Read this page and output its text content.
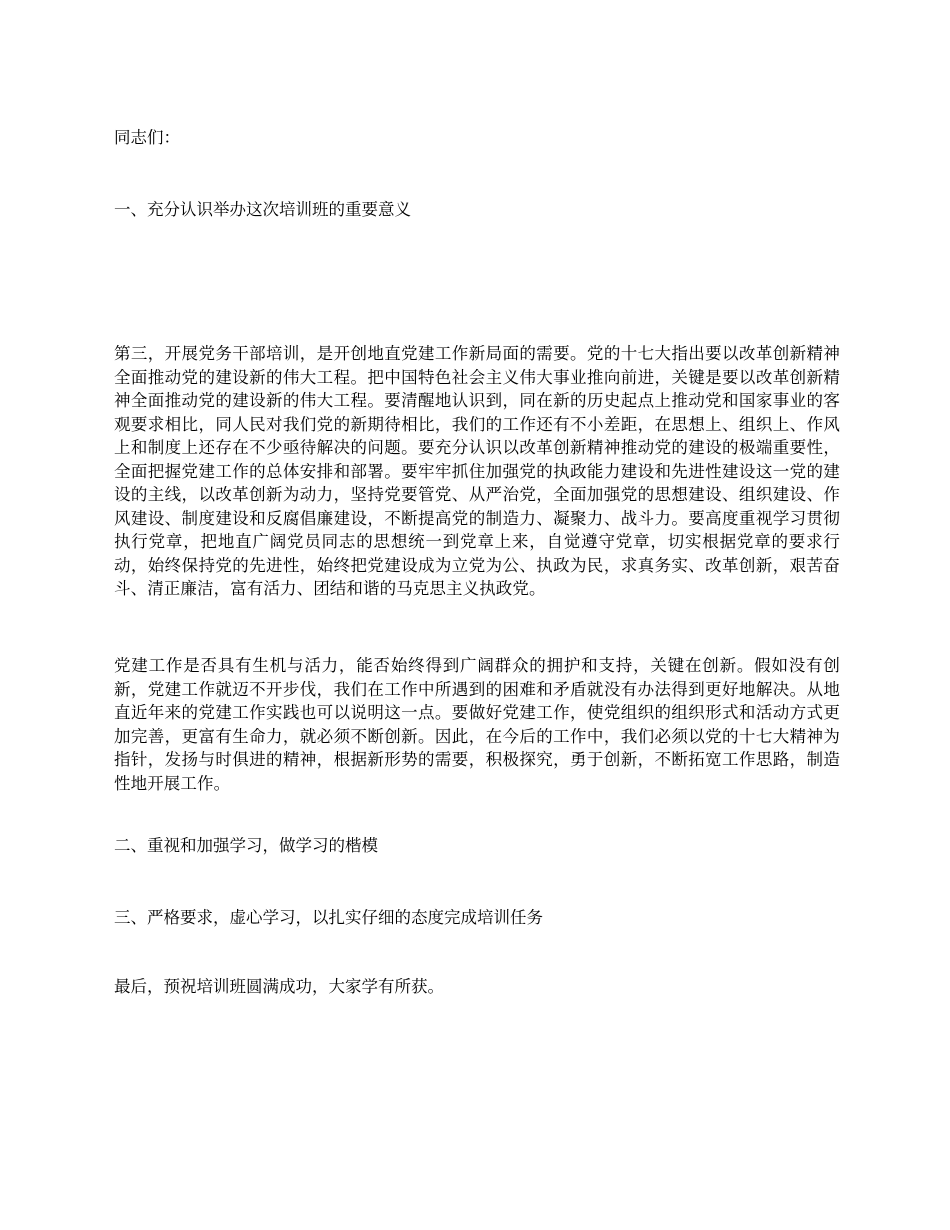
同志们：
一、充分认识举办这次培训班的重要意义
第三，开展党务干部培训，是开创地直党建工作新局面的需要。党的十七大指出要以改革创新精神全面推动党的建设新的伟大工程。把中国特色社会主义伟大事业推向前进，关键是要以改革创新精神全面推动党的建设新的伟大工程。要清醒地认识到，同在新的历史起点上推动党和国家事业的客观要求相比，同人民对我们党的新期待相比，我们的工作还有不小差距，在思想上、组织上、作风上和制度上还存在不少亟待解决的问题。要充分认识以改革创新精神推动党的建设的极端重要性，全面把握党建工作的总体安排和部署。要牢牢抓住加强党的执政能力建设和先进性建设这一党的建设的主线，以改革创新为动力，坚持党要管党、从严治党，全面加强党的思想建设、组织建设、作风建设、制度建设和反腐倡廉建设，不断提高党的制造力、凝聚力、战斗力。要高度重视学习贯彻执行党章，把地直广阔党员同志的思想统一到党章上来，自觉遵守党章，切实根据党章的要求行动，始终保持党的先进性，始终把党建设成为立党为公、执政为民，求真务实、改革创新，艰苦奋斗、清正廉洁，富有活力、团结和谐的马克思主义执政党。
党建工作是否具有生机与活力，能否始终得到广阔群众的拥护和支持，关键在创新。假如没有创新，党建工作就迈不开步伐，我们在工作中所遇到的困难和矛盾就没有办法得到更好地解决。从地直近年来的党建工作实践也可以说明这一点。要做好党建工作，使党组织的组织形式和活动方式更加完善，更富有生命力，就必须不断创新。因此，在今后的工作中，我们必须以党的十七大精神为指针，发扬与时俱进的精神，根据新形势的需要，积极探究，勇于创新，不断拓宽工作思路，制造性地开展工作。
二、重视和加强学习，做学习的楷模
三、严格要求，虚心学习，以扎实仔细的态度完成培训任务
最后，预祝培训班圆满成功，大家学有所获。
